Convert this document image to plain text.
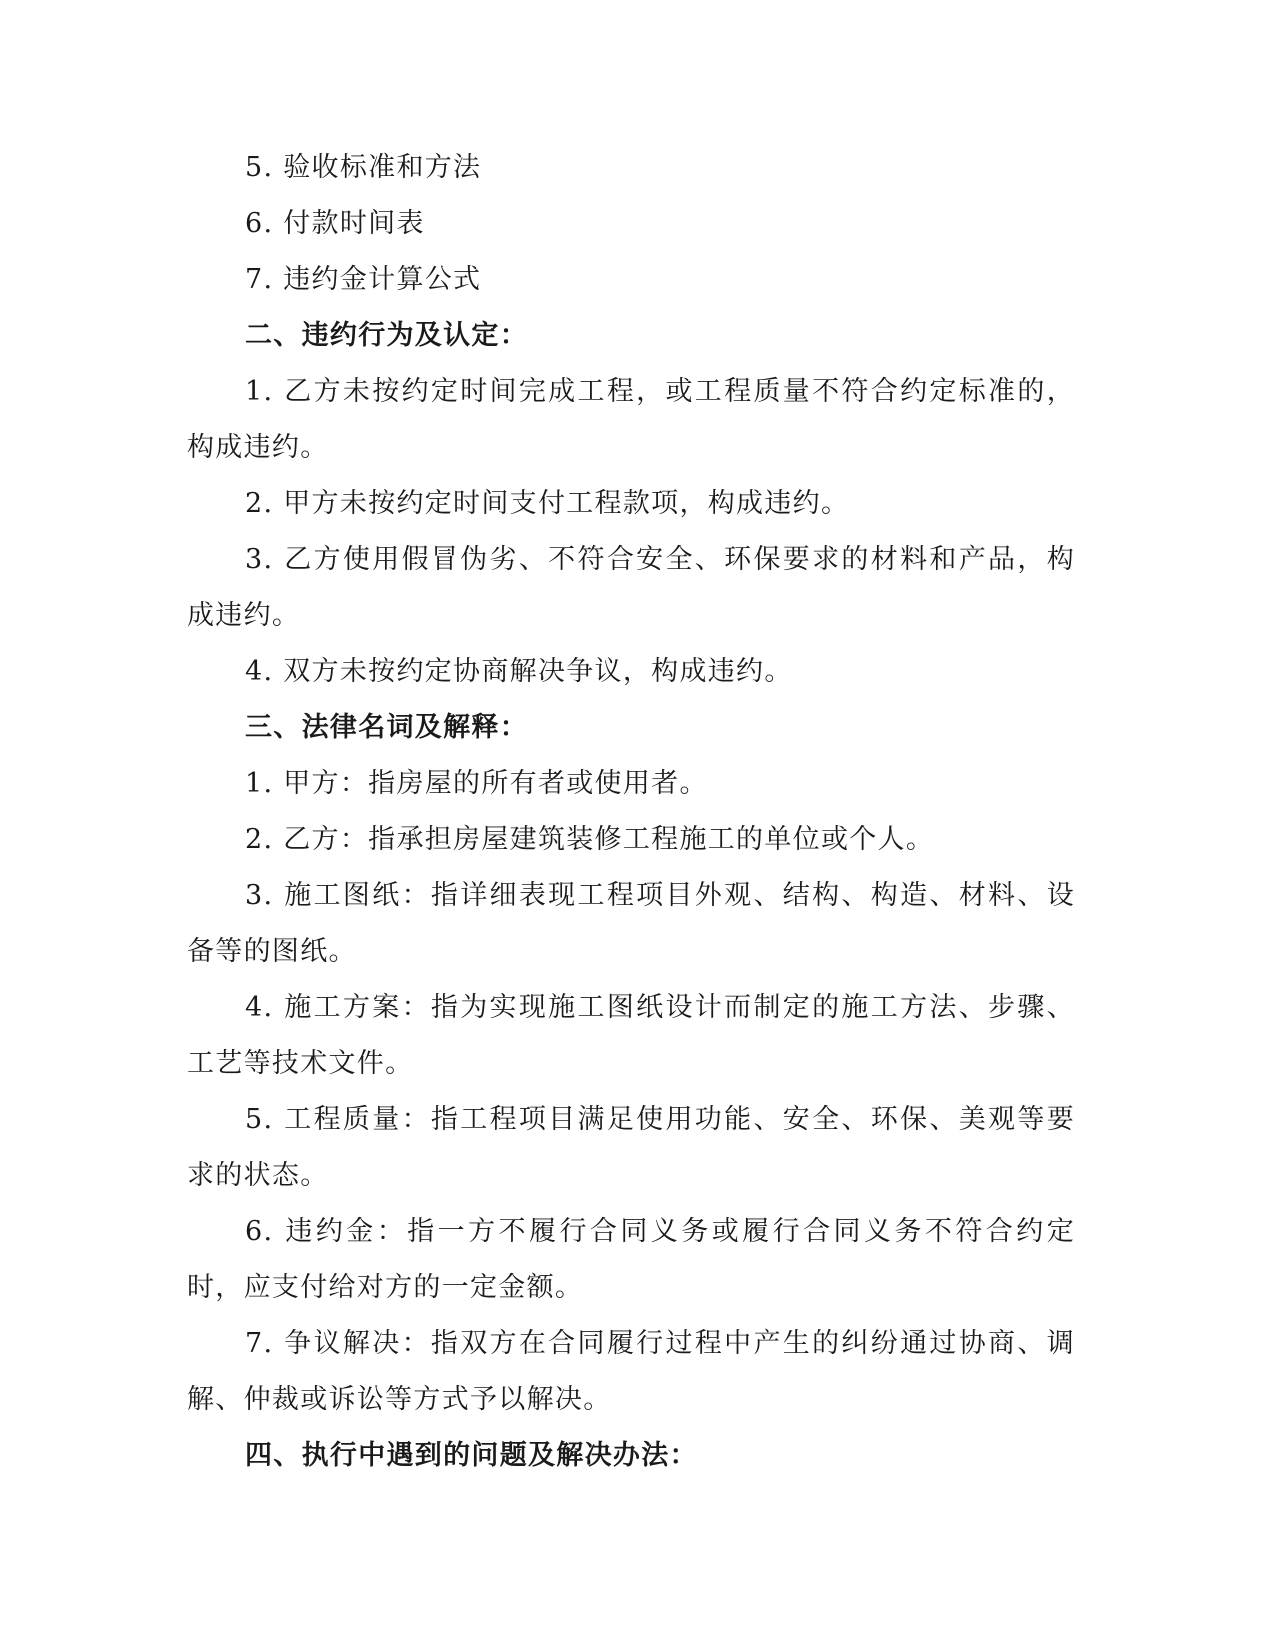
5. 验收标准和方法

6. 付款时间表

7. 违约金计算公式

二、违约行为及认定：

1. 乙方未按约定时间完成工程，或工程质量不符合约定标准的，构成违约。

2. 甲方未按约定时间支付工程款项，构成违约。

3. 乙方使用假冒伪劣、不符合安全、环保要求的材料和产品，构成违约。

4. 双方未按约定协商解决争议，构成违约。

三、法律名词及解释：

1. 甲方：指房屋的所有者或使用者。

2. 乙方：指承担房屋建筑装修工程施工的单位或个人。

3. 施工图纸：指详细表现工程项目外观、结构、构造、材料、设备等的图纸。

4. 施工方案：指为实现施工图纸设计而制定的施工方法、步骤、工艺等技术文件。

5. 工程质量：指工程项目满足使用功能、安全、环保、美观等要求的状态。

6. 违约金：指一方不履行合同义务或履行合同义务不符合约定时，应支付给对方的一定金额。

7. 争议解决：指双方在合同履行过程中产生的纠纷通过协商、调解、仲裁或诉讼等方式予以解决。

四、执行中遇到的问题及解决办法：
